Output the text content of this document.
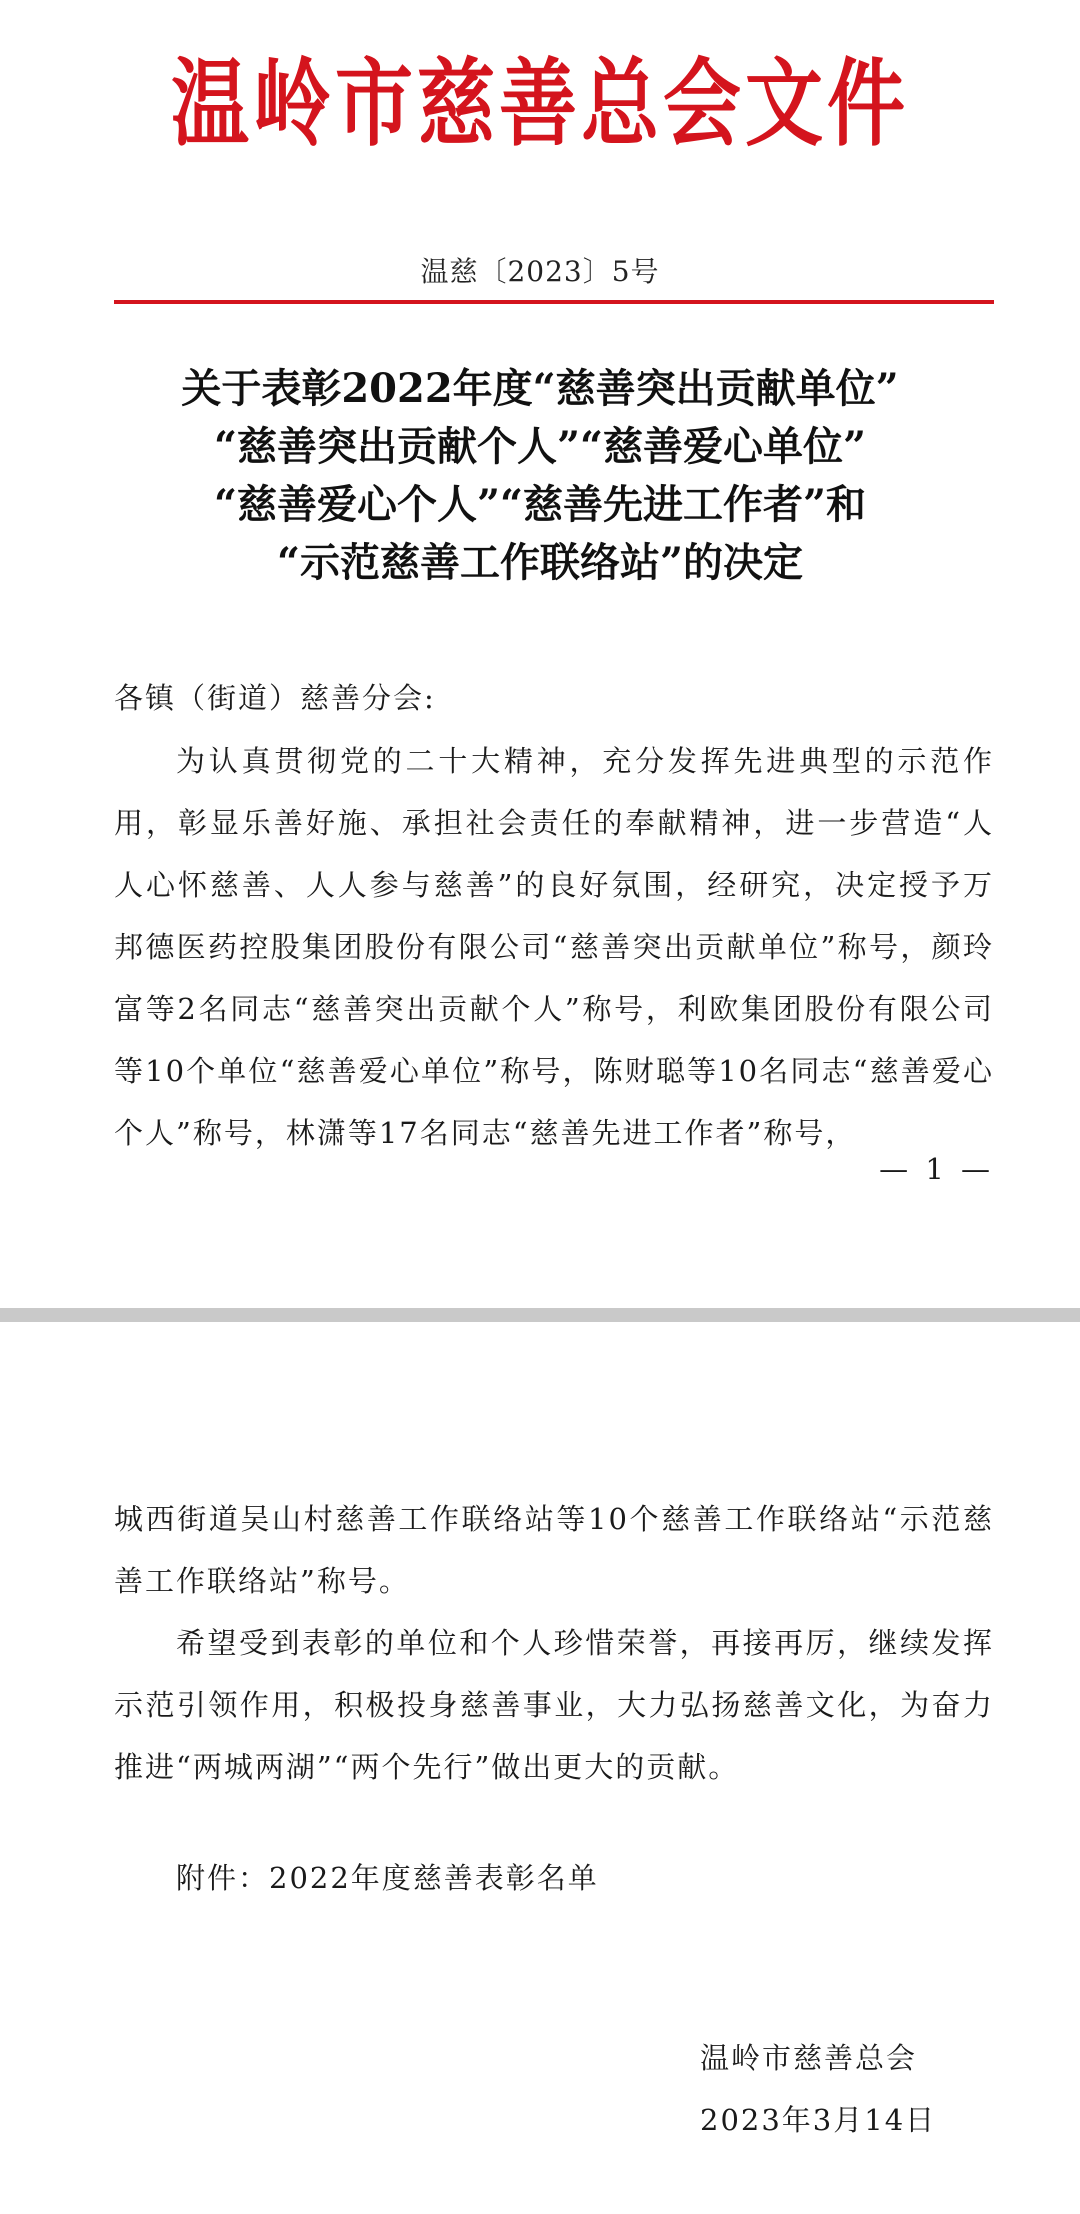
温岭市慈善总会文件
温慈〔2023〕5号
关于表彰2022年度“慈善突出贡献单位”
“慈善突出贡献个人”“慈善爱心单位”
“慈善爱心个人”“慈善先进工作者”和
“示范慈善工作联络站”的决定
各镇（街道）慈善分会:
为认真贯彻党的二十大精神，充分发挥先进典型的示范作用，彰显乐善好施、承担社会责任的奉献精神，进一步营造“人人心怀慈善、人人参与慈善”的良好氛围，经研究，决定授予万邦德医药控股集团股份有限公司“慈善突出贡献单位”称号，颜玲富等2名同志“慈善突出贡献个人”称号，利欧集团股份有限公司等10个单位“慈善爱心单位”称号，陈财聪等10名同志“慈善爱心个人”称号，林潇等17名同志“慈善先进工作者”称号，
— 1 —
城西街道吴山村慈善工作联络站等10个慈善工作联络站“示范慈善工作联络站”称号。
希望受到表彰的单位和个人珍惜荣誉，再接再厉，继续发挥示范引领作用，积极投身慈善事业，大力弘扬慈善文化，为奋力推进“两城两湖”“两个先行”做出更大的贡献。
附件：2022年度慈善表彰名单
温岭市慈善总会
2023年3月14日
